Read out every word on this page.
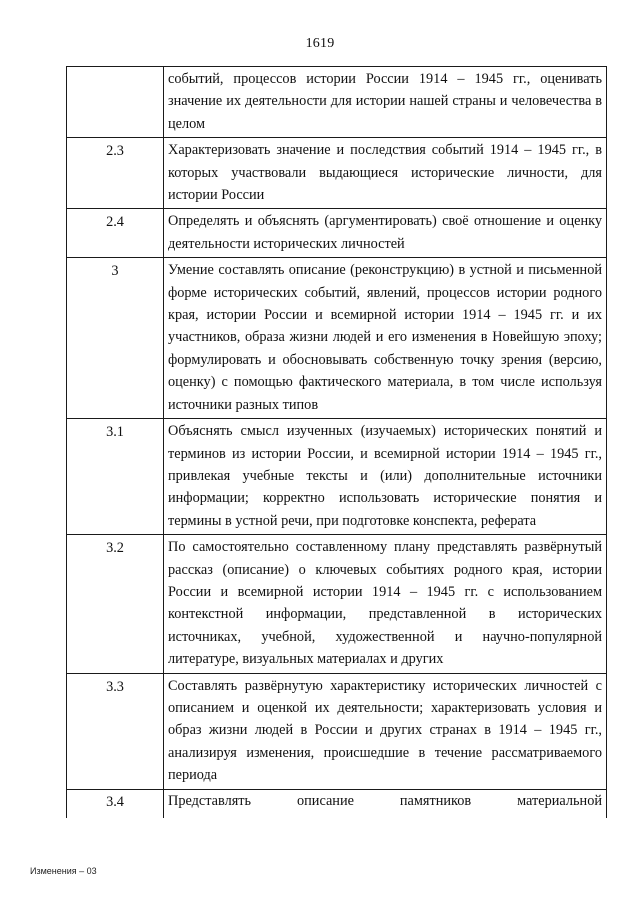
1619
	событий, процессов истории России 1914 – 1945 гг., оценивать значение их деятельности для истории нашей страны и человечества в целом
2.3	Характеризовать значение и последствия событий 1914 – 1945 гг., в которых участвовали выдающиеся исторические личности, для истории России
2.4	Определять и объяснять (аргументировать) своё отношение и оценку деятельности исторических личностей
3	Умение составлять описание (реконструкцию) в устной и письменной форме исторических событий, явлений, процессов истории родного края, истории России и всемирной истории 1914 – 1945 гг. и их участников, образа жизни людей и его изменения в Новейшую эпоху; формулировать и обосновывать собственную точку зрения (версию, оценку) с помощью фактического материала, в том числе используя источники разных типов
3.1	Объяснять смысл изученных (изучаемых) исторических понятий и терминов из истории России, и всемирной истории 1914 – 1945 гг., привлекая учебные тексты и (или) дополнительные источники информации; корректно использовать исторические понятия и термины в устной речи, при подготовке конспекта, реферата
3.2	По самостоятельно составленному плану представлять развёрнутый рассказ (описание) о ключевых событиях родного края, истории России и всемирной истории 1914 – 1945 гг. с использованием контекстной информации, представленной в исторических источниках, учебной, художественной и научно-популярной литературе, визуальных материалах и других
3.3	Составлять развёрнутую характеристику исторических личностей с описанием и оценкой их деятельности; характеризовать условия и образ жизни людей в России и других странах в 1914 – 1945 гг., анализируя изменения, происшедшие в течение рассматриваемого периода
3.4	Представлять описание памятников материальной
Изменения – 03
